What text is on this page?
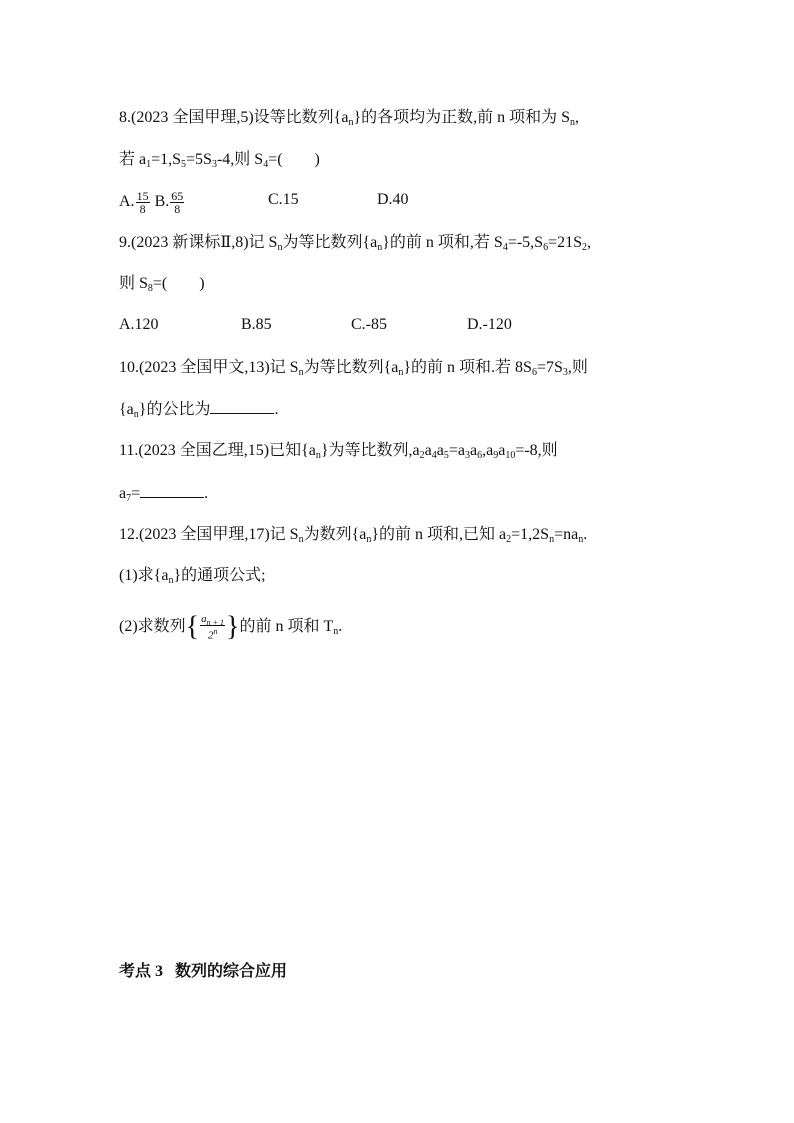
8.(2023 全国甲理,5)设等比数列$\{a_n\}$的各项均为正数,前 n 项和为 $S_n$,
若 $a_1=1,S_5=5S_3-4$,则 $S_4=$( )
A. $\frac{15}{8} B$. $\frac{65}{8}$	C.15	D.40
9.(2023 新课标Ⅱ,8)记 $S_n$为等比数列$\{a_n\}$的前 n 项和,若 $S_4=-5,S_6=21S_2$,
则 $S_8=$( )
A.120	B.85	C.-85	D.-120
10.(2023 全国甲文,13)记 $S_n$为等比数列$\{a_n\}$的前 n 项和.若 $8S_6=7S_3$,则
$\{a_n\}$的公比为	.
11.(2023 全国乙理,15)已知$\{a_n\}$为等比数列$,a_2a_4a_5=a_3a_6,a_9a_{10}=-8$,则
$a_7=$	.
12.(2023 全国甲理,17)记 $S_n$为数列$\{a_n\}$的前 n 项和,已知 $a_2=1,2S_n=na_n$.
(1)求$\{a_n\}$的通项公式;
(2)求数列{ $\frac{a_{n + 1}}{2^n}$ }的前 n 项和 $T_n$.
考点 3 数列的综合应用
